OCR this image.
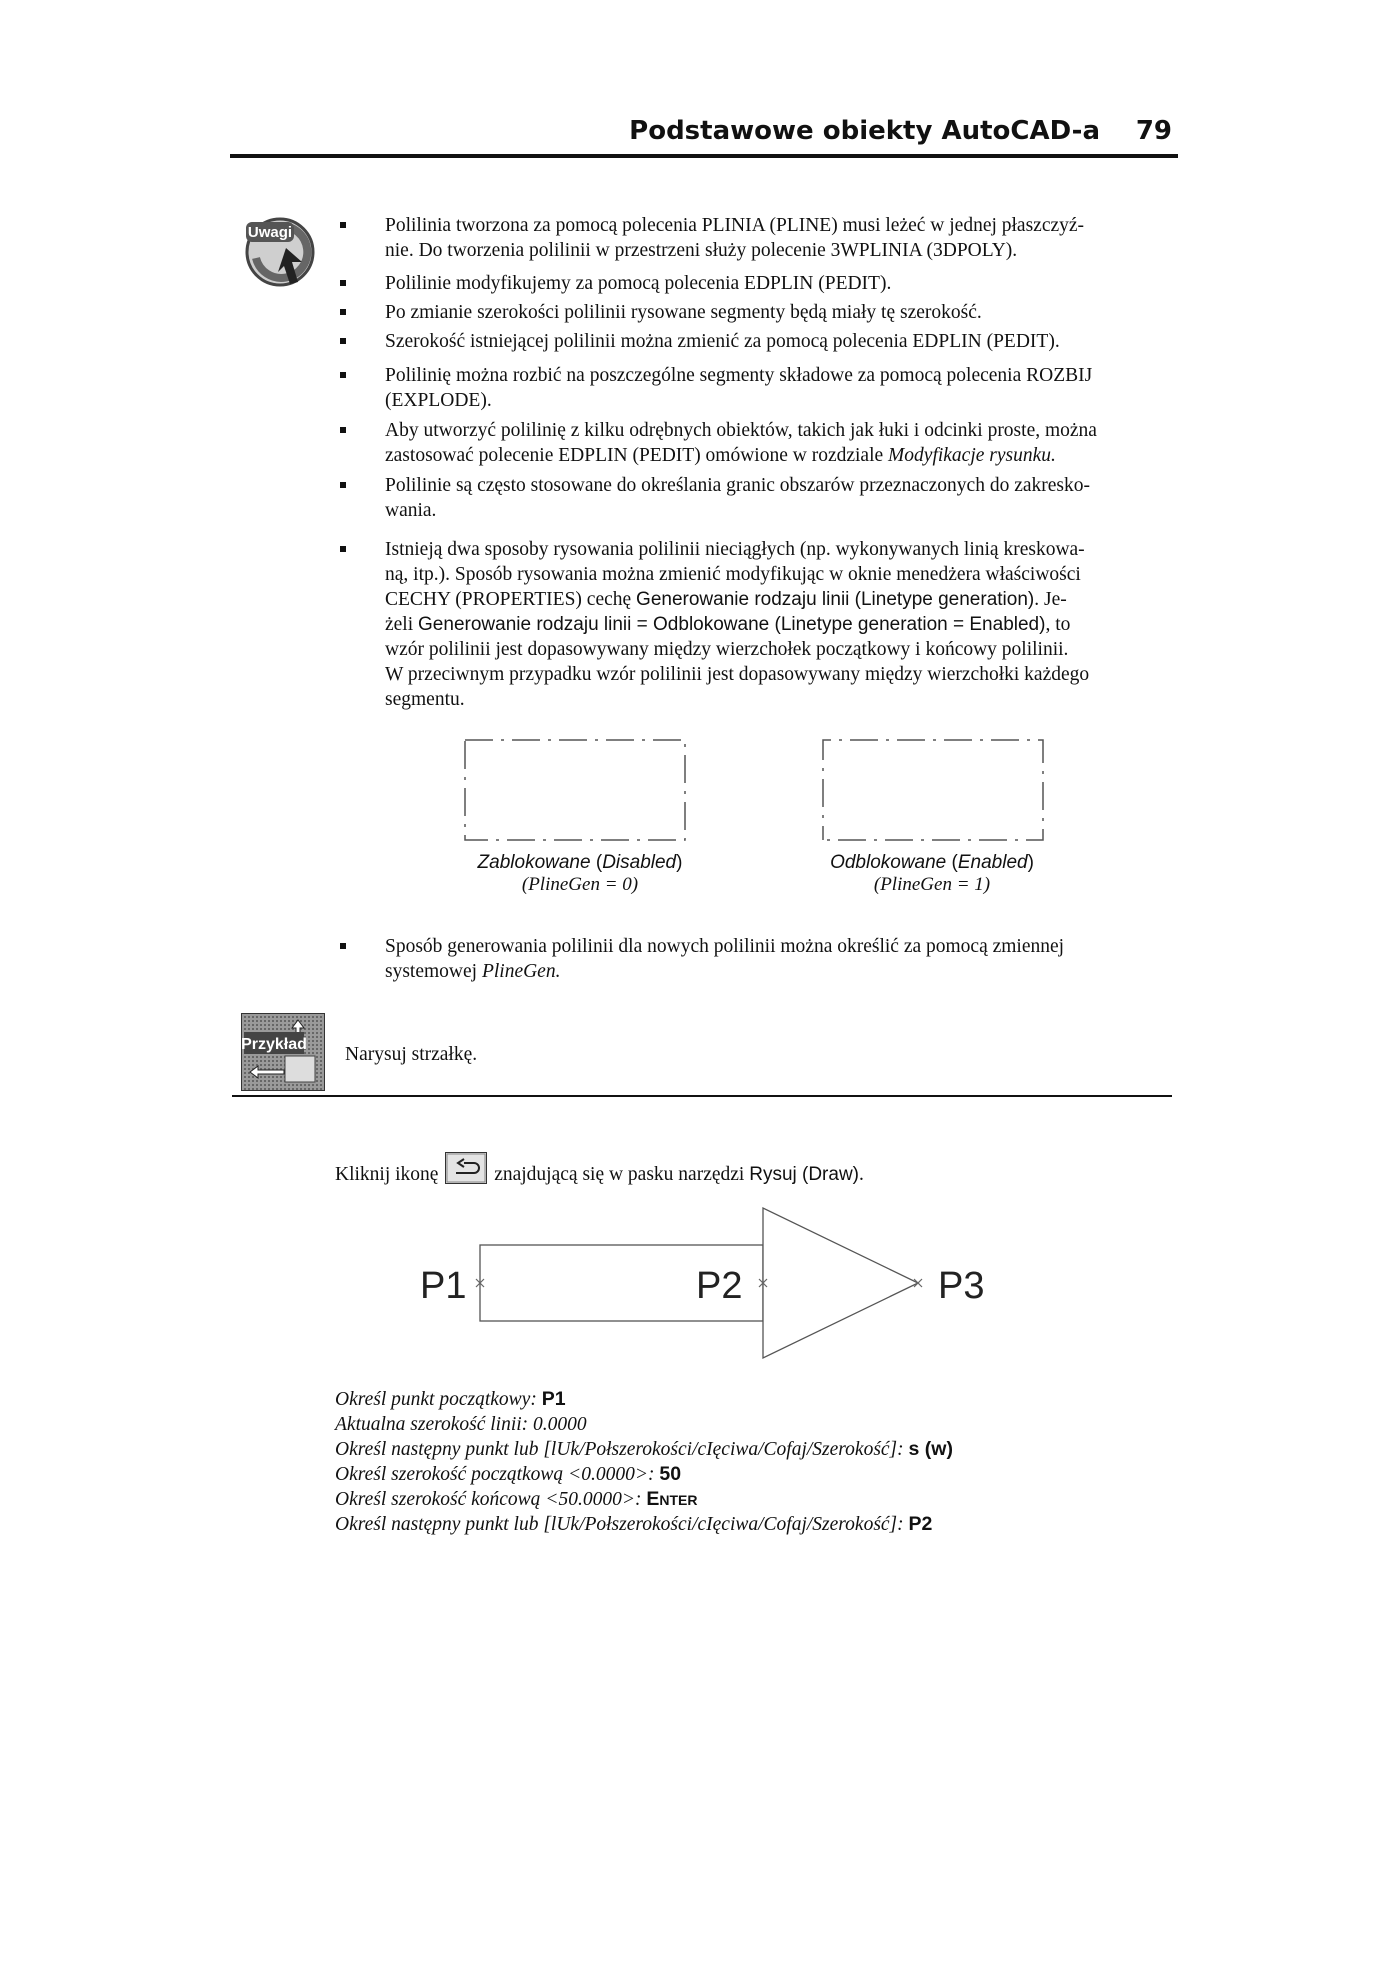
Podstawowe obiekty AutoCAD-a	79
Uwagi	Polilinia tworzona za pomocą polecenia PLINIA (PLINE) musi leżeć w jednej płaszczyź-
nie. Do tworzenia polilinii w przestrzeni służy polecenie 3WPLINIA (3DPOLY).
Polilinie modyfikujemy za pomocą polecenia EDPLIN (PEDIT).
Po zmianie szerokości polilinii rysowane segmenty będą miały tę szerokość.
Szerokość istniejącej polilinii można zmienić za pomocą polecenia EDPLIN (PEDIT).
Polilinię można rozbić na poszczególne segmenty składowe za pomocą polecenia ROZBIJ
(EXPLODE).
Aby utworzyć polilinię z kilku odrębnych obiektów, takich jak łuki i odcinki proste, można
zastosować polecenie EDPLIN (PEDIT) omówione w rozdziale Modyfikacje rysunku.
Polilinie są często stosowane do określania granic obszarów przeznaczonych do zakresko-
wania.
Istnieją dwa sposoby rysowania polilinii nieciągłych (np. wykonywanych linią kreskowa-
ną, itp.). Sposób rysowania można zmienić modyfikując w oknie menedżera właściwości
CECHY (PROPERTIES) cechę Generowanie rodzaju linii (Linetype generation). Je-
żeli Generowanie rodzaju linii = Odblokowane (Linetype generation = Enabled), to
wzór polilinii jest dopasowywany między wierzchołek początkowy i końcowy polilinii.
W przeciwnym przypadku wzór polilinii jest dopasowywany między wierzchołki każdego
segmentu.
Zablokowane (Disabled)
(PlineGen = 0)
Odblokowane (Enabled)
(PlineGen = 1)
Sposób generowania polilinii dla nowych polilinii można określić za pomocą zmiennej
systemowej PlineGen.
Przykład Narysuj strzałkę.
Kliknij ikonę	znajdującą się w pasku narzędzi Rysuj (Draw).
P1	P2	P3
Określ punkt początkowy: P1
Aktualna szerokość linii: 0.0000
Określ następny punkt lub [lUk/Połszerokości/cIęciwa/Cofaj/Szerokość]: s (w)
Określ szerokość początkową <0.0000>: 50
Określ szerokość końcową <50.0000>: Enter
Określ następny punkt lub [lUk/Połszerokości/cIęciwa/Cofaj/Szerokość]: P2
